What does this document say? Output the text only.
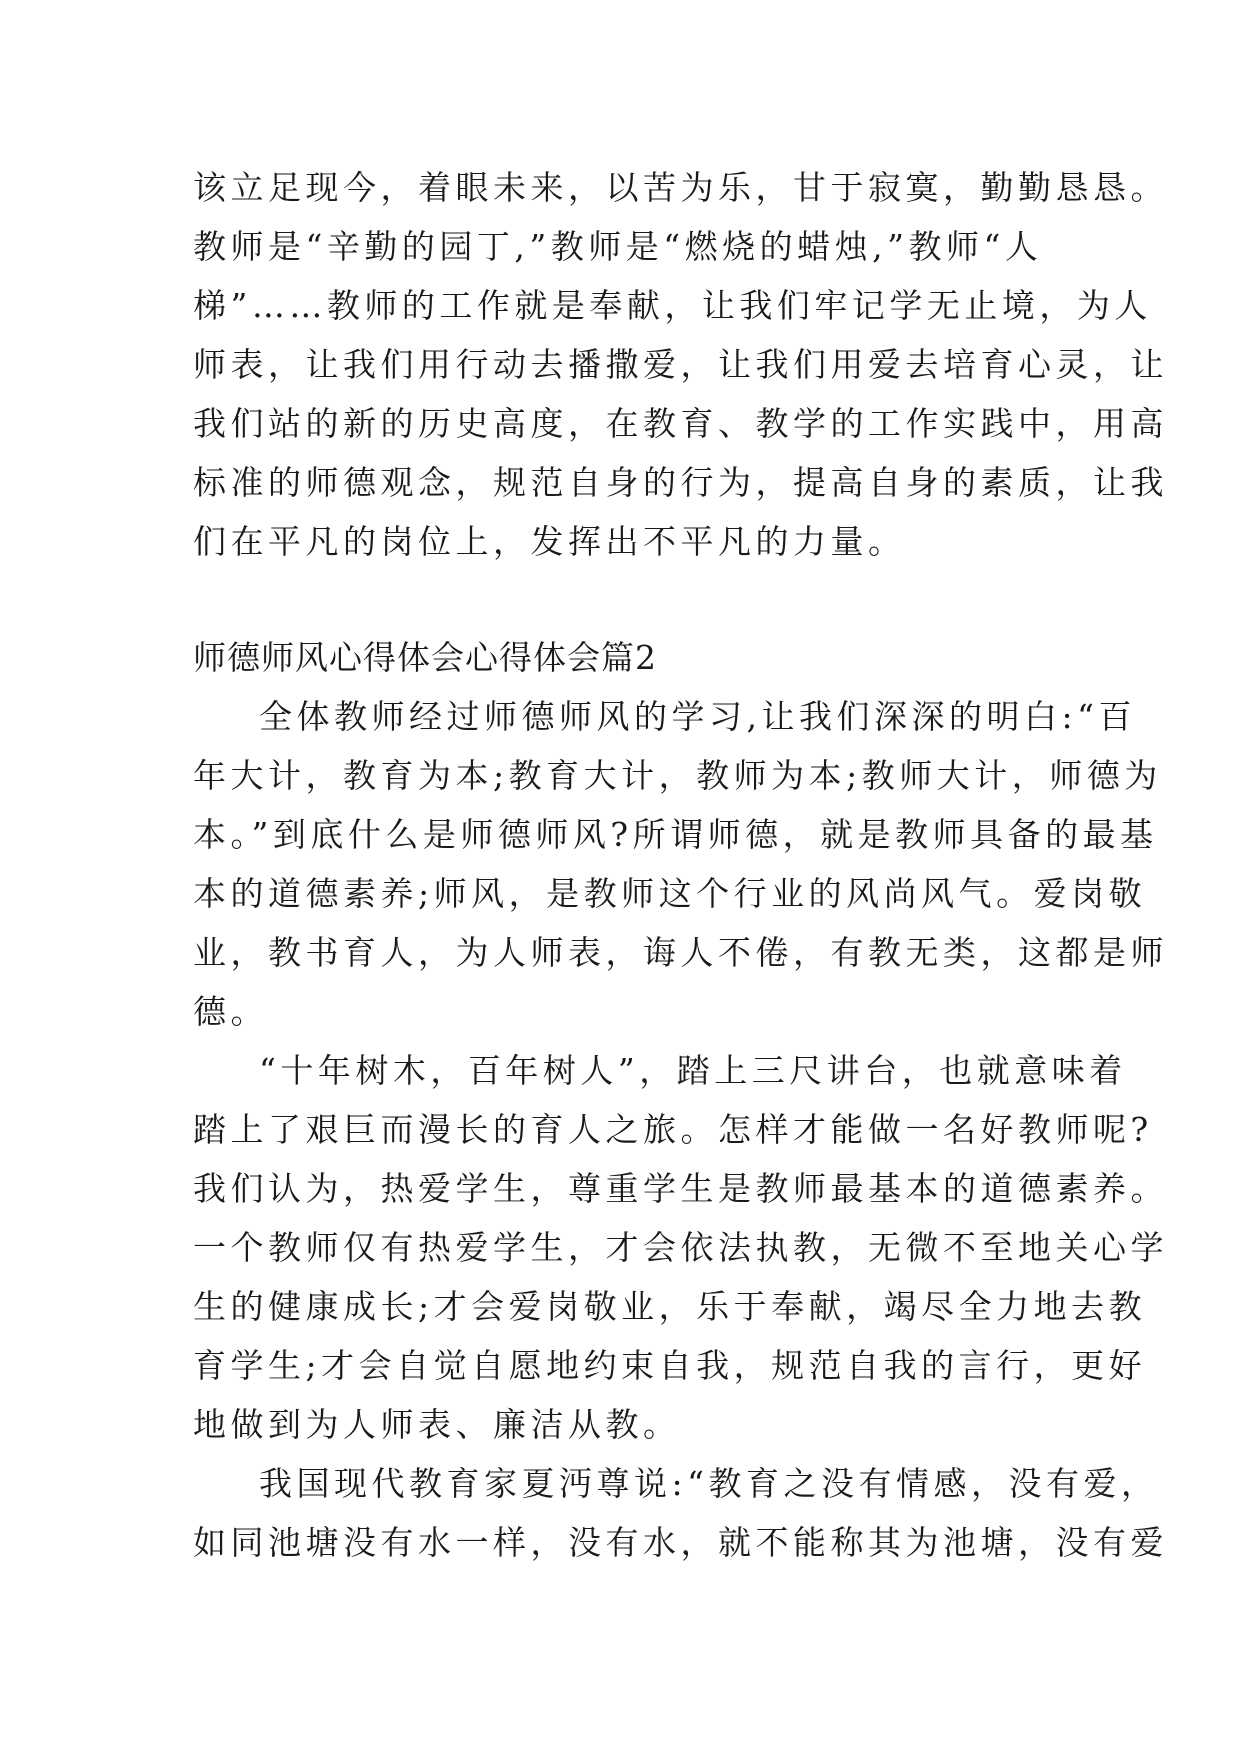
该立足现今，着眼未来，以苦为乐，甘于寂寞，勤勤恳恳。
教师是“辛勤的园丁,”教师是“燃烧的蜡烛,”教师“人
梯”……教师的工作就是奉献，让我们牢记学无止境，为人
师表，让我们用行动去播撒爱，让我们用爱去培育心灵，让
我们站的新的历史高度，在教育、教学的工作实践中，用高
标准的师德观念，规范自身的行为，提高自身的素质，让我
们在平凡的岗位上，发挥出不平凡的力量。
师德师风心得体会心得体会篇2
全体教师经过师德师风的学习,让我们深深的明白:“百
年大计，教育为本;教育大计，教师为本;教师大计，师德为
本。”到底什么是师德师风?所谓师德，就是教师具备的最基
本的道德素养;师风，是教师这个行业的风尚风气。爱岗敬
业，教书育人，为人师表，诲人不倦，有教无类，这都是师
德。
“十年树木，百年树人”，踏上三尺讲台，也就意味着
踏上了艰巨而漫长的育人之旅。怎样才能做一名好教师呢?
我们认为，热爱学生，尊重学生是教师最基本的道德素养。
一个教师仅有热爱学生，才会依法执教，无微不至地关心学
生的健康成长;才会爱岗敬业，乐于奉献，竭尽全力地去教
育学生;才会自觉自愿地约束自我，规范自我的言行，更好
地做到为人师表、廉洁从教。
我国现代教育家夏沔尊说:“教育之没有情感，没有爱，
如同池塘没有水一样，没有水，就不能称其为池塘，没有爱
